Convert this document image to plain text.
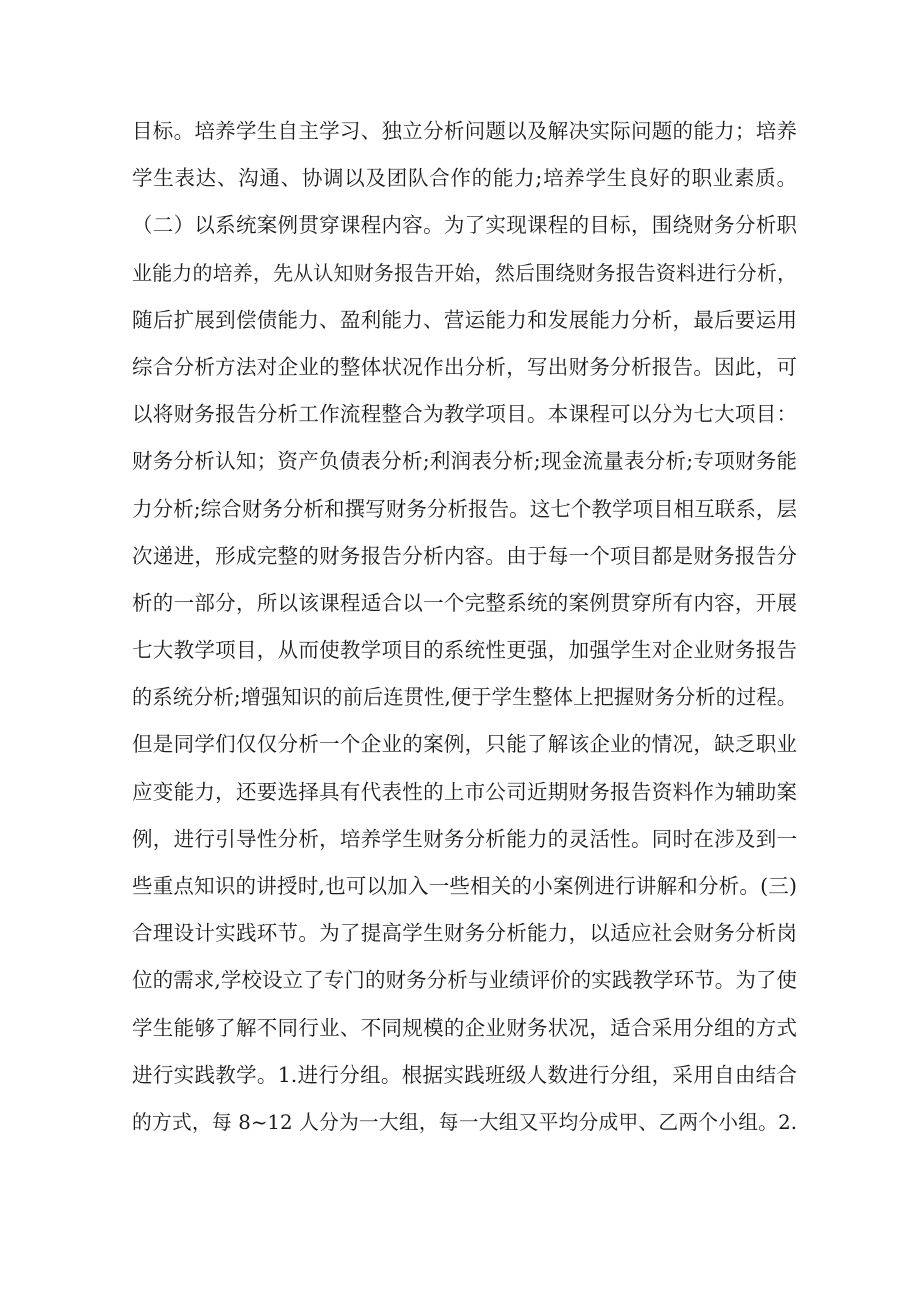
目标。培养学生自主学习、独立分析问题以及解决实际问题的能力；培养
学生表达、沟通、协调以及团队合作的能力;培养学生良好的职业素质。
（二）以系统案例贯穿课程内容。为了实现课程的目标，围绕财务分析职
业能力的培养，先从认知财务报告开始，然后围绕财务报告资料进行分析，
随后扩展到偿债能力、盈利能力、营运能力和发展能力分析，最后要运用
综合分析方法对企业的整体状况作出分析，写出财务分析报告。因此，可
以将财务报告分析工作流程整合为教学项目。本课程可以分为七大项目：
财务分析认知；资产负债表分析;利润表分析;现金流量表分析;专项财务能
力分析;综合财务分析和撰写财务分析报告。这七个教学项目相互联系，层
次递进，形成完整的财务报告分析内容。由于每一个项目都是财务报告分
析的一部分，所以该课程适合以一个完整系统的案例贯穿所有内容，开展
七大教学项目，从而使教学项目的系统性更强，加强学生对企业财务报告
的系统分析;增强知识的前后连贯性,便于学生整体上把握财务分析的过程。
但是同学们仅仅分析一个企业的案例，只能了解该企业的情况，缺乏职业
应变能力，还要选择具有代表性的上市公司近期财务报告资料作为辅助案
例，进行引导性分析，培养学生财务分析能力的灵活性。同时在涉及到一
些重点知识的讲授时,也可以加入一些相关的小案例进行讲解和分析。(三)
合理设计实践环节。为了提高学生财务分析能力，以适应社会财务分析岗
位的需求,学校设立了专门的财务分析与业绩评价的实践教学环节。为了使
学生能够了解不同行业、不同规模的企业财务状况，适合采用分组的方式
进行实践教学。1.进行分组。根据实践班级人数进行分组，采用自由结合
的方式，每 8~12 人分为一大组，每一大组又平均分成甲、乙两个小组。2.
